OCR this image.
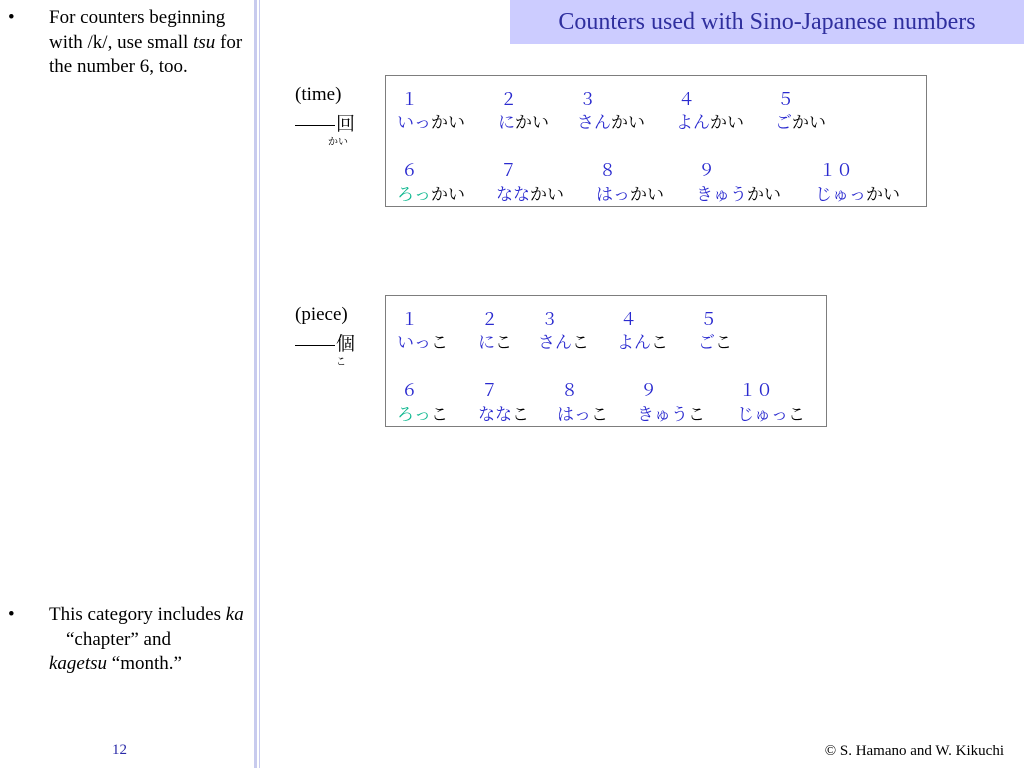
• For counters beginning with /k/, use small tsu for the number 6, too.
• This category includes ka
“chapter” and
kagetsu “month.”
12
Counters used with Sino-Japanese numbers
(time)
回
かい
１	２	３	４	５
いっかい にかい さんかい よんかい ごかい
６	７	８	９	１０
ろっかい ななかい はっかい きゅうかい じゅっかい
(piece)
個
こ
１	２	３	４	５
いっこ にこ さんこ よんこ ごこ
６	７	８	９	１０
ろっこ ななこ はっこ きゅうこ じゅっこ
© S. Hamano and W. Kikuchi
